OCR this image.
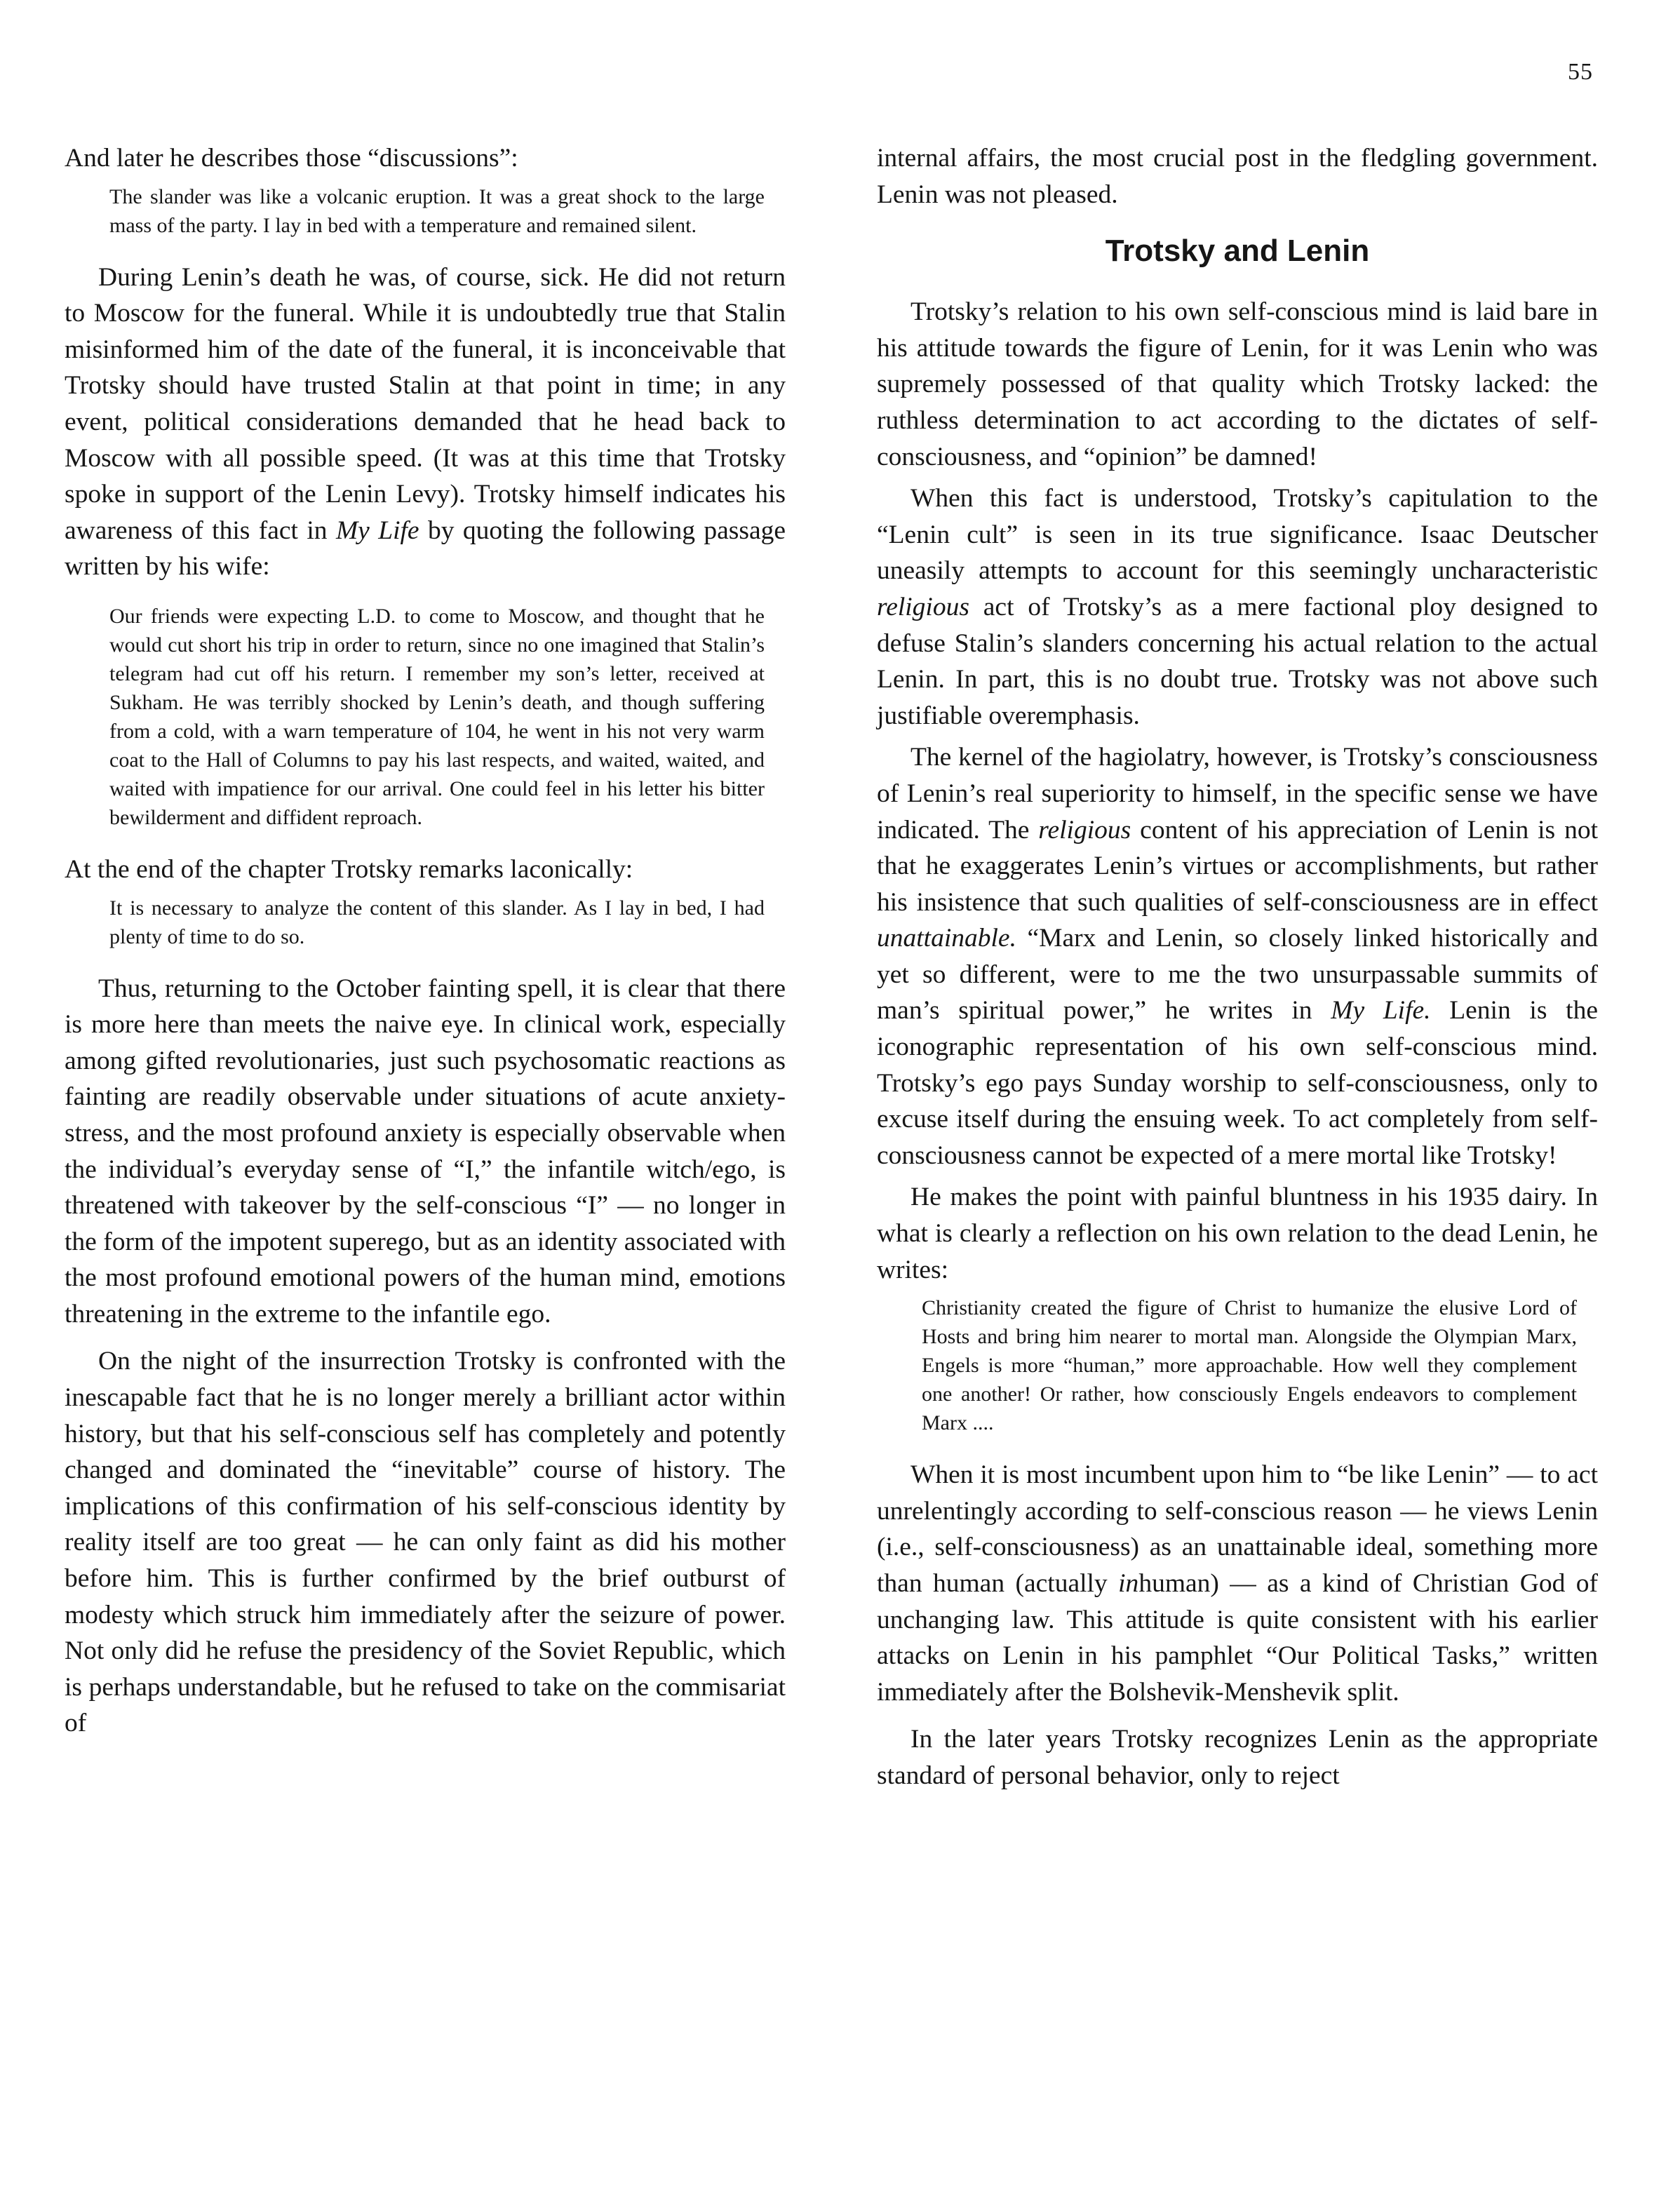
55

And later he describes those “discussions”:

The slander was like a volcanic eruption. It was a great shock to the large mass of the party. I lay in bed with a temperature and remained silent.

During Lenin’s death he was, of course, sick. He did not return to Moscow for the funeral. While it is undoubtedly true that Stalin misinformed him of the date of the funeral, it is inconceivable that Trotsky should have trusted Stalin at that point in time; in any event, political considerations demanded that he head back to Moscow with all possible speed. (It was at this time that Trotsky spoke in support of the Lenin Levy). Trotsky himself indicates his awareness of this fact in My Life by quoting the following passage written by his wife:

Our friends were expecting L.D. to come to Moscow, and thought that he would cut short his trip in order to return, since no one imagined that Stalin’s telegram had cut off his return. I remember my son’s letter, received at Sukham. He was terribly shocked by Lenin’s death, and though suffering from a cold, with a warn temperature of 104, he went in his not very warm coat to the Hall of Columns to pay his last respects, and waited, waited, and waited with impatience for our arrival. One could feel in his letter his bitter bewilderment and diffident reproach.

At the end of the chapter Trotsky remarks laconically:

It is necessary to analyze the content of this slander. As I lay in bed, I had plenty of time to do so.

Thus, returning to the October fainting spell, it is clear that there is more here than meets the naive eye. In clinical work, especially among gifted revolutionaries, just such psychosomatic reactions as fainting are readily observable under situations of acute anxiety-stress, and the most profound anxiety is especially observable when the individual’s everyday sense of “I,” the infantile witch/ego, is threatened with takeover by the self-conscious “I” — no longer in the form of the impotent superego, but as an identity associated with the most profound emotional powers of the human mind, emotions threatening in the extreme to the infantile ego.

On the night of the insurrection Trotsky is confronted with the inescapable fact that he is no longer merely a brilliant actor within history, but that his self-conscious self has completely and potently changed and dominated the “inevitable” course of history. The implications of this confirmation of his self-conscious identity by reality itself are too great — he can only faint as did his mother before him. This is further confirmed by the brief outburst of modesty which struck him immediately after the seizure of power. Not only did he refuse the presidency of the Soviet Republic, which is perhaps understandable, but he refused to take on the commisariat of

internal affairs, the most crucial post in the fledgling government. Lenin was not pleased.

Trotsky and Lenin

Trotsky’s relation to his own self-conscious mind is laid bare in his attitude towards the figure of Lenin, for it was Lenin who was supremely possessed of that quality which Trotsky lacked: the ruthless determination to act according to the dictates of self-consciousness, and “opinion” be damned!

When this fact is understood, Trotsky’s capitulation to the “Lenin cult” is seen in its true significance. Isaac Deutscher uneasily attempts to account for this seemingly uncharacteristic religious act of Trotsky’s as a mere factional ploy designed to defuse Stalin’s slanders concerning his actual relation to the actual Lenin. In part, this is no doubt true. Trotsky was not above such justifiable overemphasis.

The kernel of the hagiolatry, however, is Trotsky’s consciousness of Lenin’s real superiority to himself, in the specific sense we have indicated. The religious content of his appreciation of Lenin is not that he exaggerates Lenin’s virtues or accomplishments, but rather his insistence that such qualities of self-consciousness are in effect unattainable. “Marx and Lenin, so closely linked historically and yet so different, were to me the two unsurpassable summits of man’s spiritual power,” he writes in My Life. Lenin is the iconographic representation of his own self-conscious mind. Trotsky’s ego pays Sunday worship to self-consciousness, only to excuse itself during the ensuing week. To act completely from self-consciousness cannot be expected of a mere mortal like Trotsky!

He makes the point with painful bluntness in his 1935 dairy. In what is clearly a reflection on his own relation to the dead Lenin, he writes:

Christianity created the figure of Christ to humanize the elusive Lord of Hosts and bring him nearer to mortal man. Alongside the Olympian Marx, Engels is more “human,” more approachable. How well they complement one another! Or rather, how consciously Engels endeavors to complement Marx ....

When it is most incumbent upon him to “be like Lenin” — to act unrelentingly according to self-conscious reason — he views Lenin (i.e., self-consciousness) as an unattainable ideal, something more than human (actually inhuman) — as a kind of Christian God of unchanging law. This attitude is quite consistent with his earlier attacks on Lenin in his pamphlet “Our Political Tasks,” written immediately after the Bolshevik-Menshevik split.

In the later years Trotsky recognizes Lenin as the appropriate standard of personal behavior, only to reject
